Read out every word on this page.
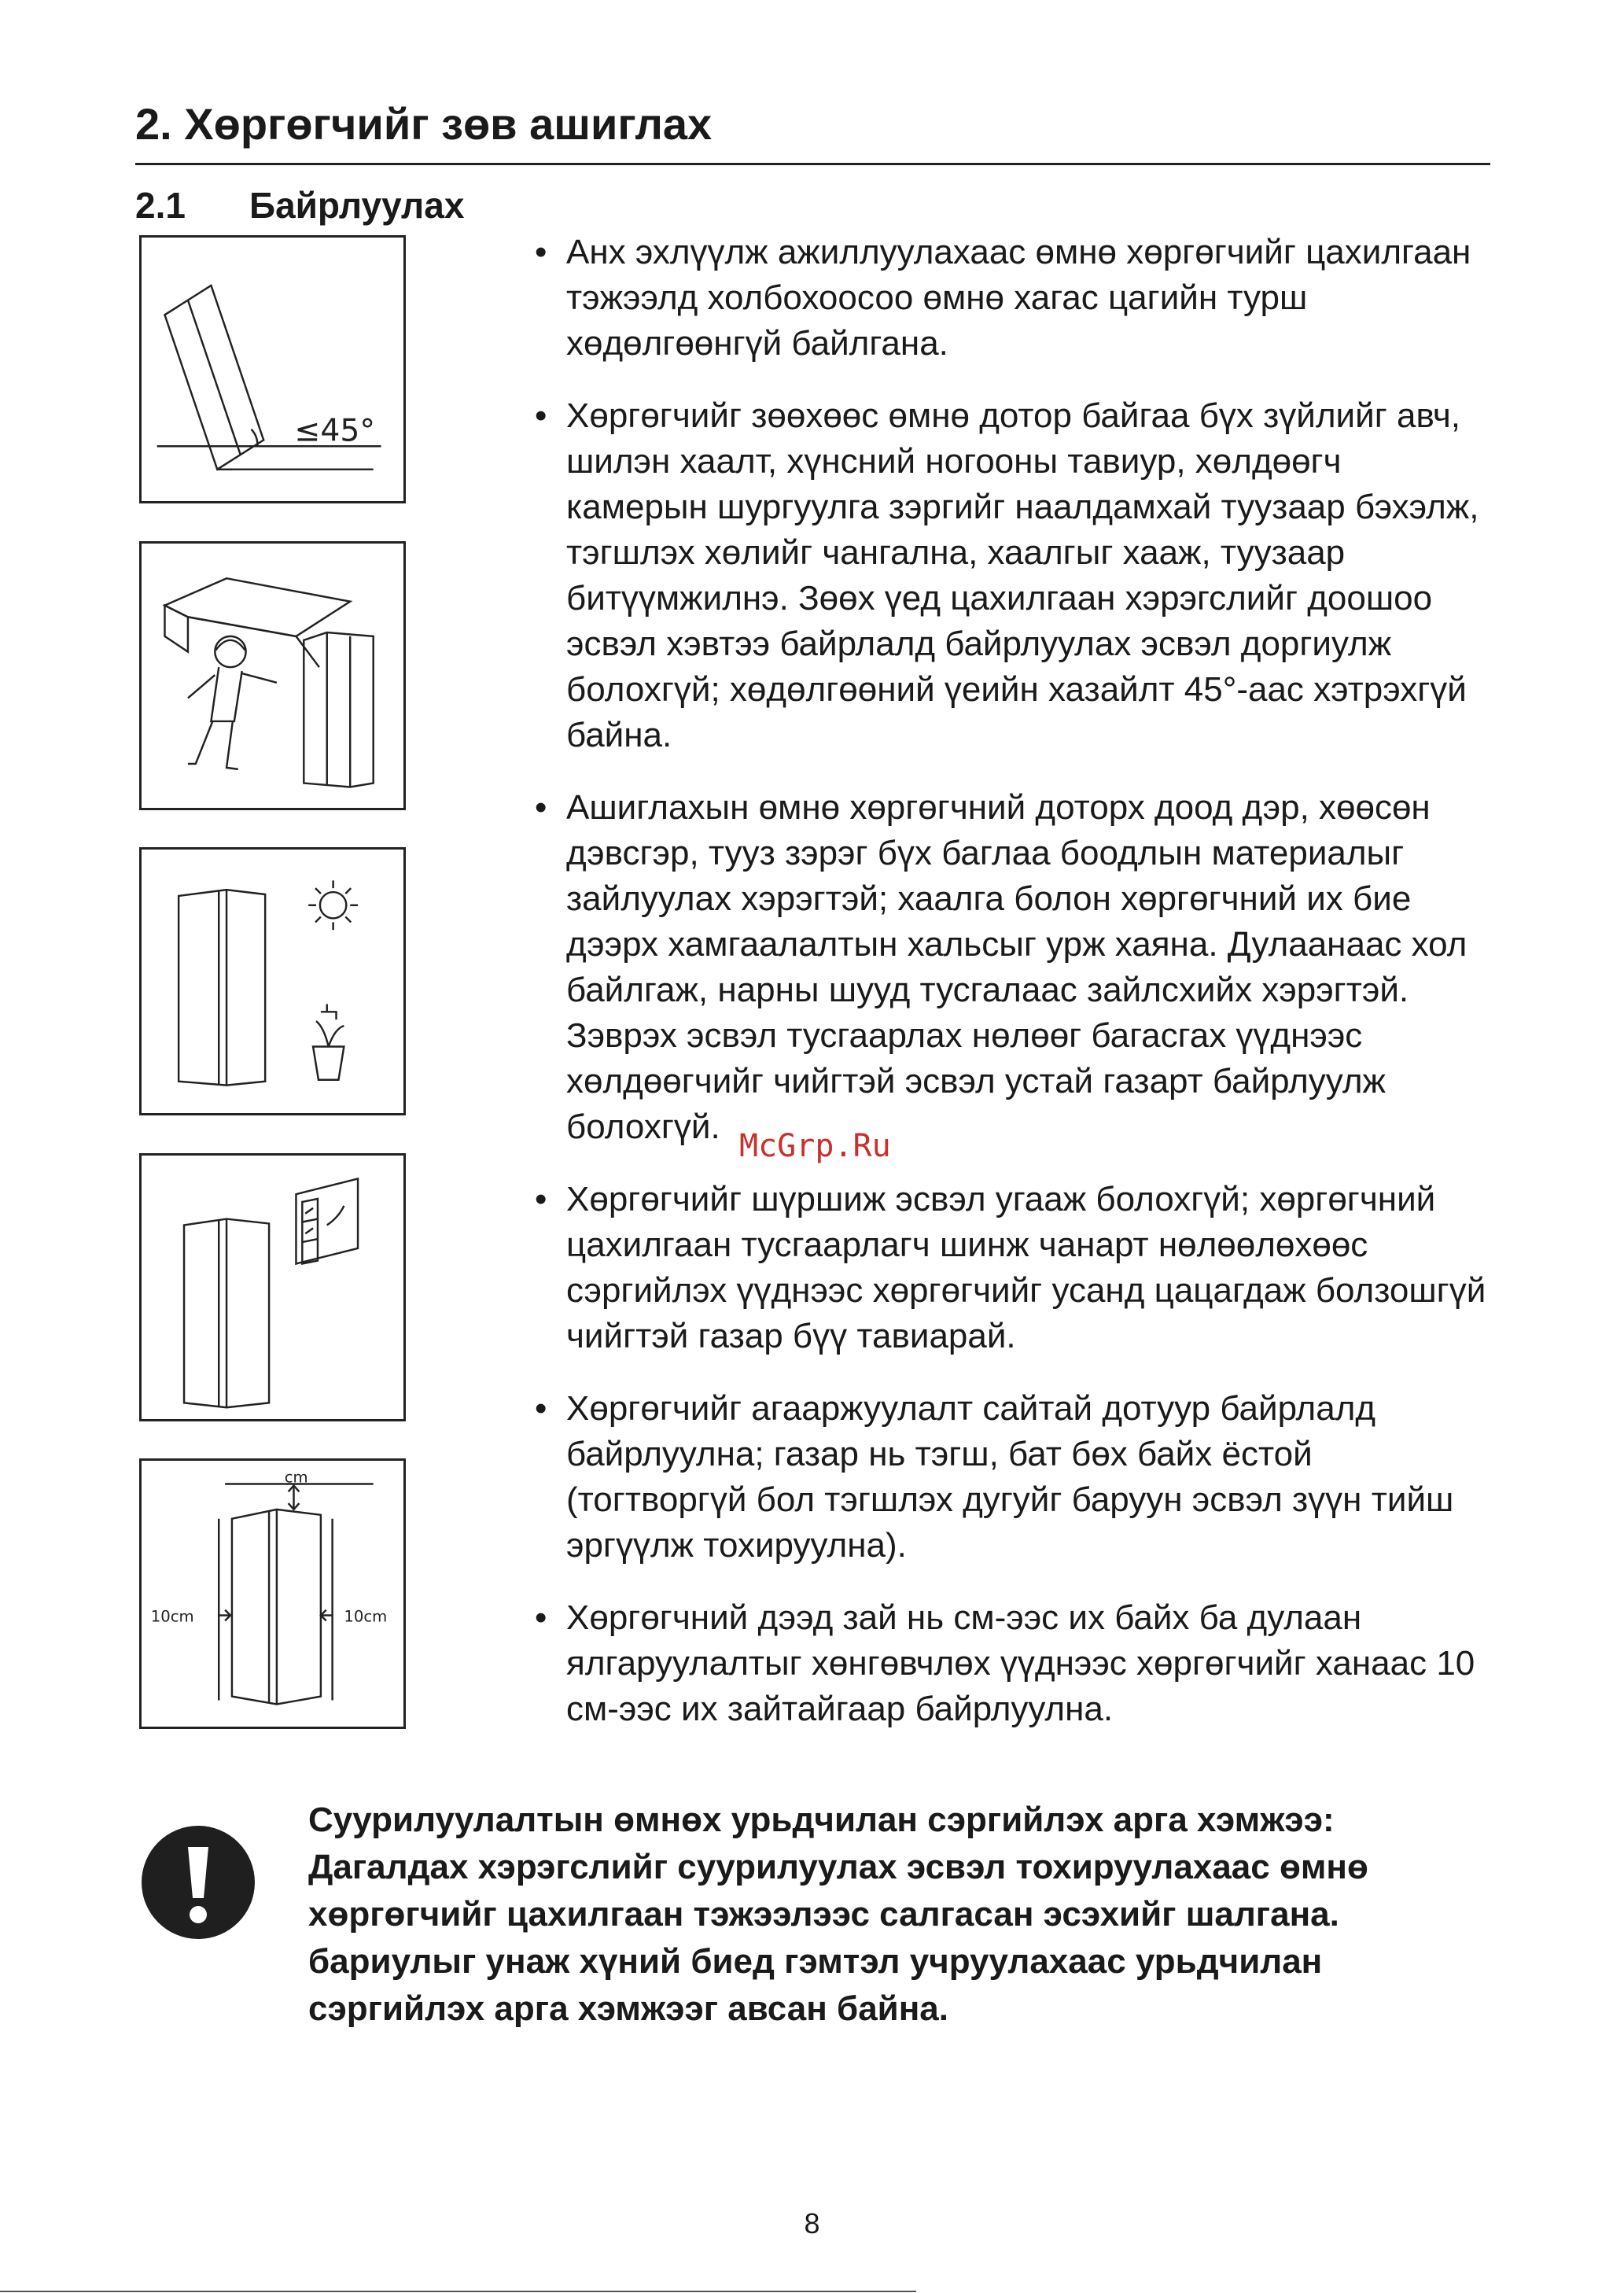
2. Хөргөгчийг зөв ашиглах
2.1 Байрлуулах
≤45°
cm
10cm	10cm
• Анх эхлүүлж ажиллуулахаас өмнө хөргөгчийг цахилгаан тэжээлд холбохоосоо өмнө хагас цагийн турш хөдөлгөөнгүй байлгана.
• Хөргөгчийг зөөхөөс өмнө дотор байгаа бүх зүйлийг авч, шилэн хаалт, хүнсний ногооны тавиур, хөлдөөгч камерын шургуулга зэргийг наалдамхай туузаар бэхэлж, тэгшлэх хөлийг чангална, хаалгыг хааж, туузаар битүүмжилнэ. Зөөх үед цахилгаан хэрэгслийг доошоо эсвэл хэвтээ байрлалд байрлуулах эсвэл доргиулж болохгүй; хөдөлгөөний үеийн хазайлт 45°-аас хэтрэхгүй байна.
• Ашиглахын өмнө хөргөгчний доторх доод дэр, хөөсөн дэвсгэр, тууз зэрэг бүх баглаа боодлын материалыг зайлуулах хэрэгтэй; хаалга болон хөргөгчний их бие дээрх хамгаалалтын хальсыг урж хаяна. Дулаанаас хол байлгаж, нарны шууд тусгалаас зайлсхийх хэрэгтэй. Зэврэх эсвэл тусгаарлах нөлөөг багасгах үүднээс хөлдөөгчийг чийгтэй эсвэл устай газарт байрлуулж болохгүй.
• Хөргөгчийг шүршиж эсвэл угааж болохгүй; хөргөгчний цахилгаан тусгаарлагч шинж чанарт нөлөөлөхөөс сэргийлэх үүднээс хөргөгчийг усанд цацагдаж болзошгүй чийгтэй газар бүү тавиарай.
• Хөргөгчийг агааржуулалт сайтай дотуур байрлалд байрлуулна; газар нь тэгш, бат бөх байх ёстой (тогтворгүй бол тэгшлэх дугуйг баруун эсвэл зүүн тийш эргүүлж тохируулна).
• Хөргөгчний дээд зай нь см-ээс их байх ба дулаан ялгаруулалтыг хөнгөвчлөх үүднээс хөргөгчийг ханаас 10 см-ээс их зайтайгаар байрлуулна.
McGrp.Ru
Суурилуулалтын өмнөх урьдчилан сэргийлэх арга хэмжээ:
Дагалдах хэрэгслийг суурилуулах эсвэл тохируулахаас өмнө
хөргөгчийг цахилгаан тэжээлээс салгасан эсэхийг шалгана.
бариулыг унаж хүний биед гэмтэл учруулахаас урьдчилан
сэргийлэх арга хэмжээг авсан байна.
8
